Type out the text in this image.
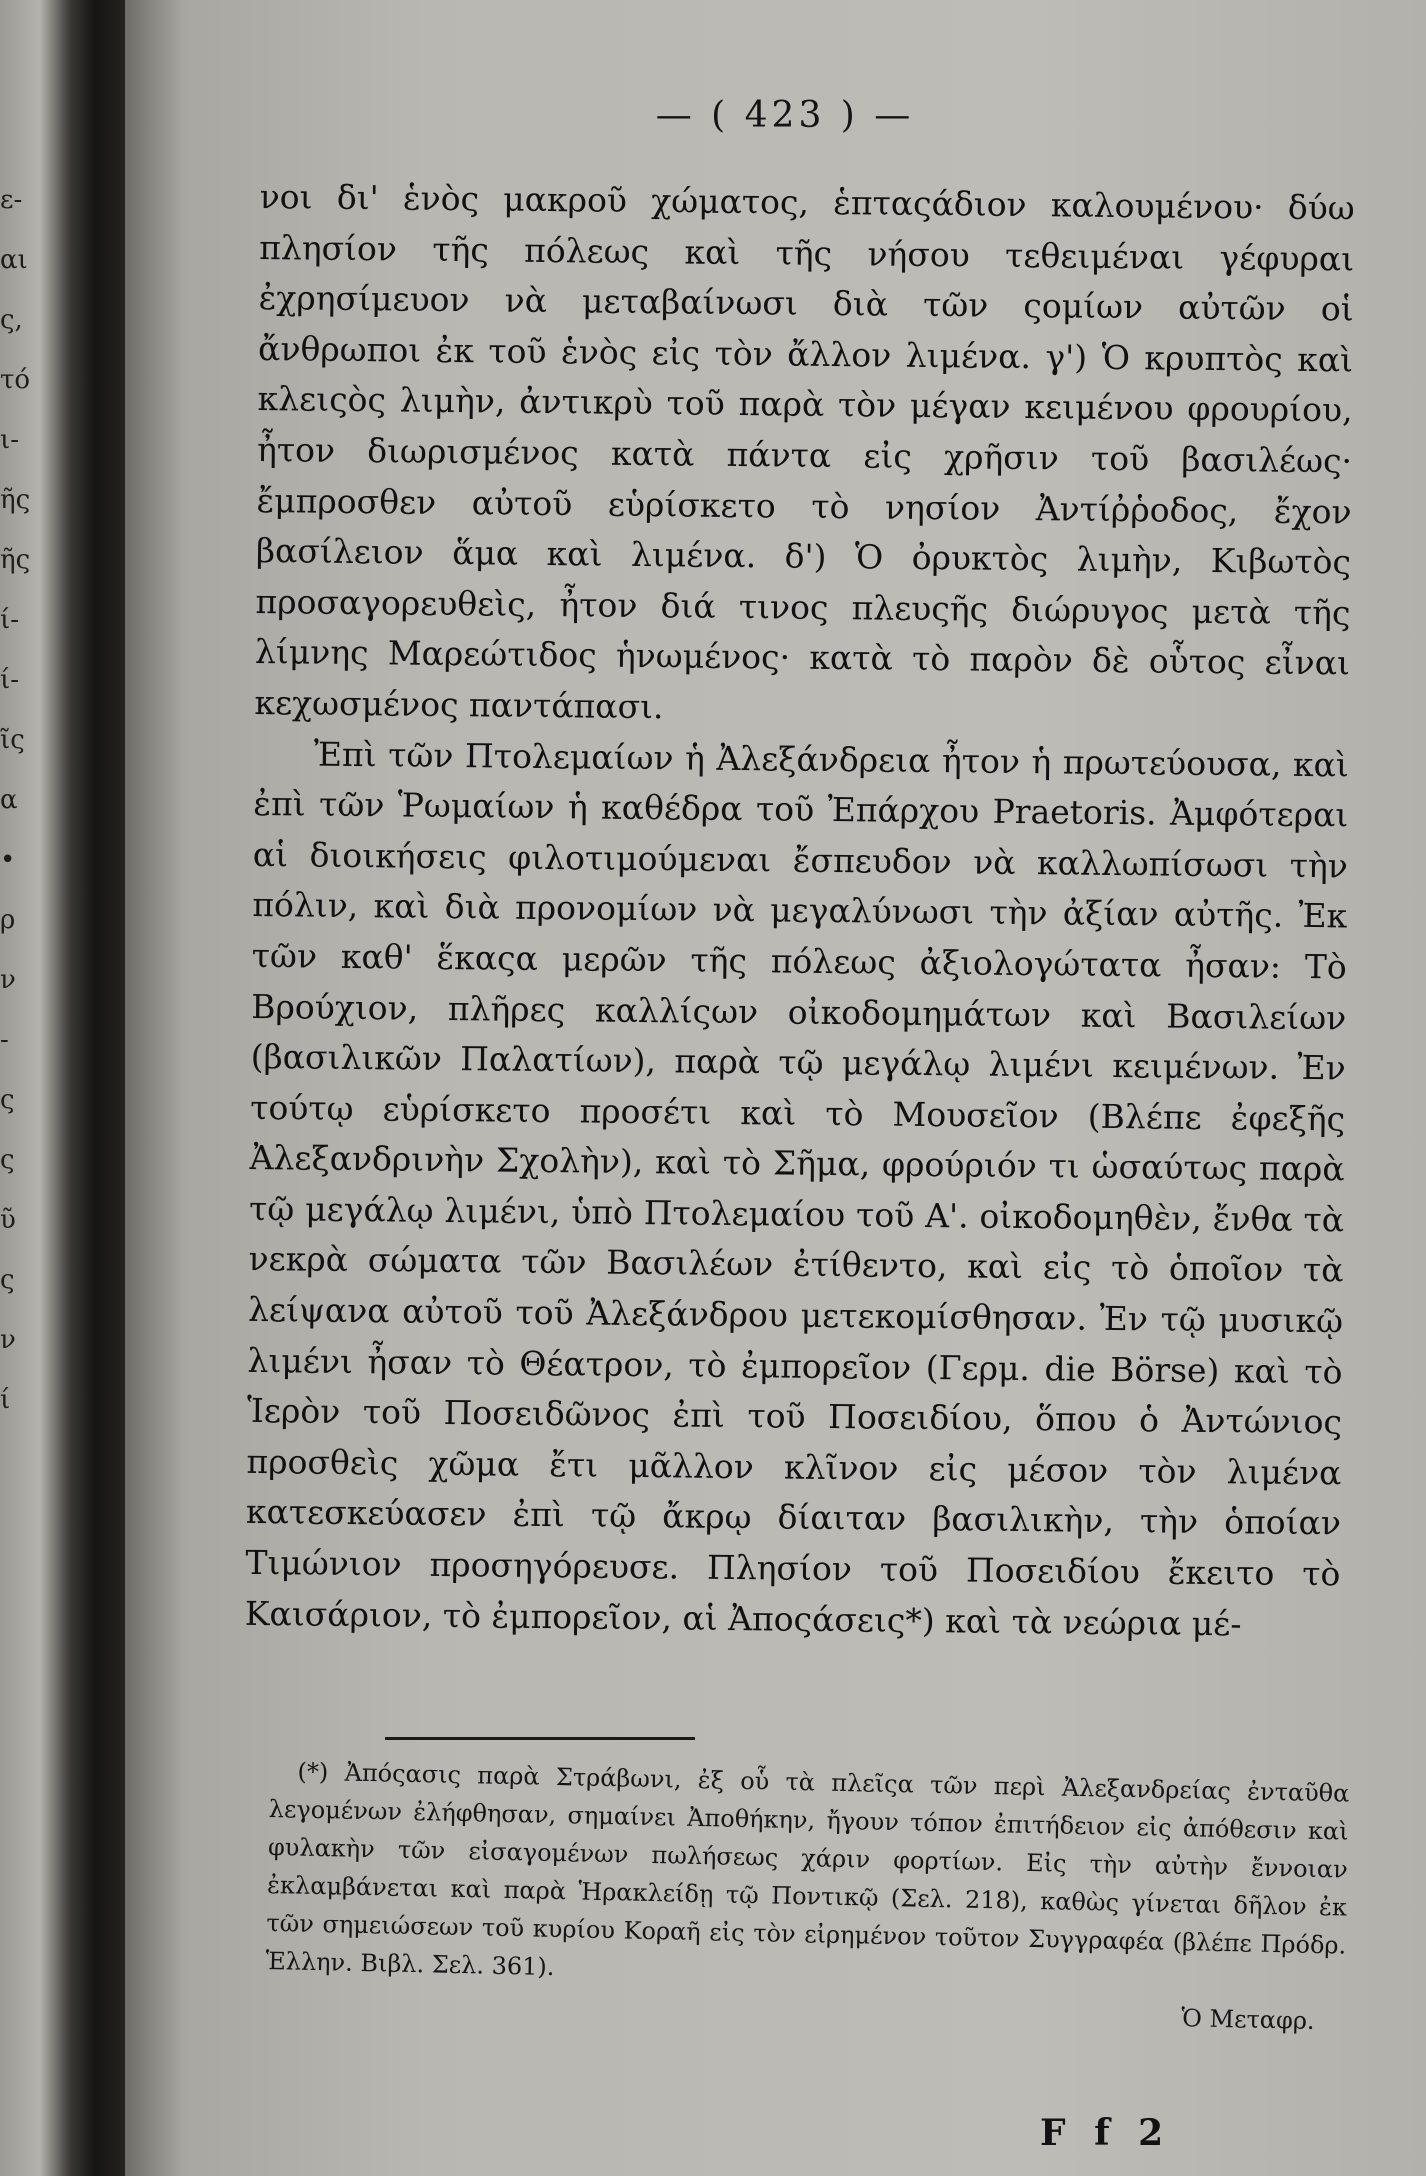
ε-
αι
ς,
τό
ι-
ῆς
ῆς
ί-
ί-
ῖς
α
•
ρ
ν
-
ς
ς
ῦ
ς
ν
ί
— ( 423 ) —

νοι δι' ἑνὸς μακροῦ χώματος, ἑπταςάδιον καλουμένου· δύω πλησίον τῆς πόλεως καὶ τῆς νήσου τεθειμέναι γέφυραι ἐχρησίμευον νὰ μεταβαίνωσι διὰ τῶν ςομίων αὐτῶν οἱ ἄνθρωποι ἐκ τοῦ ἑνὸς εἰς τὸν ἄλλον λιμένα. γ') Ὁ κρυπτὸς καὶ κλειςὸς λιμὴν, ἀντικρὺ τοῦ παρὰ τὸν μέγαν κειμένου φρουρίου, ἦτον διωρισμένος κατὰ πάντα εἰς χρῆσιν τοῦ βασιλέως· ἔμπροσθεν αὐτοῦ εὑρίσκετο τὸ νησίον Ἀντίῤῥοδος, ἔχον βασίλειον ἅμα καὶ λιμένα. δ') Ὁ ὀρυκτὸς λιμὴν, Κιβωτὸς προσαγορευθεὶς, ἦτον διά τινος πλευςῆς διώρυγος μετὰ τῆς λίμνης Μαρεώτιδος ἡνωμένος· κατὰ τὸ παρὸν δὲ οὗτος εἶναι κεχωσμένος παντάπασι.

Ἐπὶ τῶν Πτολεμαίων ἡ Ἀλεξάνδρεια ἦτον ἡ πρωτεύουσα, καὶ ἐπὶ τῶν Ῥωμαίων ἡ καθέδρα τοῦ Ἐπάρχου Praetoris. Ἀμφότεραι αἱ διοικήσεις φιλοτιμούμεναι ἔσπευδον νὰ καλλωπίσωσι τὴν πόλιν, καὶ διὰ προνομίων νὰ μεγαλύνωσι τὴν ἀξίαν αὐτῆς. Ἐκ τῶν καθ' ἕκαςα μερῶν τῆς πόλεως ἀξιολογώτατα ἦσαν: Τὸ Βρούχιον, πλῆρες καλλίςων οἰκοδομημάτων καὶ Βασιλείων (βασιλικῶν Παλατίων), παρὰ τῷ μεγάλῳ λιμένι κειμένων. Ἐν τούτῳ εὑρίσκετο προσέτι καὶ τὸ Μουσεῖον (Βλέπε ἐφεξῆς Ἀλεξανδρινὴν Σχολὴν), καὶ τὸ Σῆμα, φρούριόν τι ὡσαύτως παρὰ τῷ μεγάλῳ λιμένι, ὑπὸ Πτολεμαίου τοῦ Α'. οἰκοδομηθὲν, ἔνθα τὰ νεκρὰ σώματα τῶν Βασιλέων ἐτίθεντο, καὶ εἰς τὸ ὁποῖον τὰ λείψανα αὐτοῦ τοῦ Ἀλεξάνδρου μετεκομίσθησαν. Ἐν τῷ μυσικῷ λιμένι ἦσαν τὸ Θέατρον, τὸ ἐμπορεῖον (Γερμ. die Börse) καὶ τὸ Ἱερὸν τοῦ Ποσειδῶνος ἐπὶ τοῦ Ποσειδίου, ὅπου ὁ Ἀντώνιος προσθεὶς χῶμα ἔτι μᾶλλον κλῖνον εἰς μέσον τὸν λιμένα κατεσκεύασεν ἐπὶ τῷ ἄκρῳ δίαιταν βασιλικὴν, τὴν ὁποίαν Τιμώνιον προσηγόρευσε. Πλησίον τοῦ Ποσειδίου ἔκειτο τὸ Καισάριον, τὸ ἐμπορεῖον, αἱ Ἀποςάσεις*) καὶ τὰ νεώρια μέ-

(*) Ἀπόςασις παρὰ Στράβωνι, ἐξ οὗ τὰ πλεῖςα τῶν περὶ Ἀλεξανδρείας ἐνταῦθα λεγομένων ἐλήφθησαν, σημαίνει Ἀποθήκην, ἤγουν τόπον ἐπιτήδειον εἰς ἀπόθεσιν καὶ φυλακὴν τῶν εἰσαγομένων πωλήσεως χάριν φορτίων. Εἰς τὴν αὐτὴν ἔννοιαν ἐκλαμβάνεται καὶ παρὰ Ἡρακλείδῃ τῷ Ποντικῷ (Σελ. 218), καθὼς γίνεται δῆλον ἐκ τῶν σημειώσεων τοῦ κυρίου Κοραῆ εἰς τὸν εἰρημένον τοῦτον Συγγραφέα (βλέπε Πρόδρ. Ἑλλην. Βιβλ. Σελ. 361).

Ὁ Μεταφρ.
F f 2
